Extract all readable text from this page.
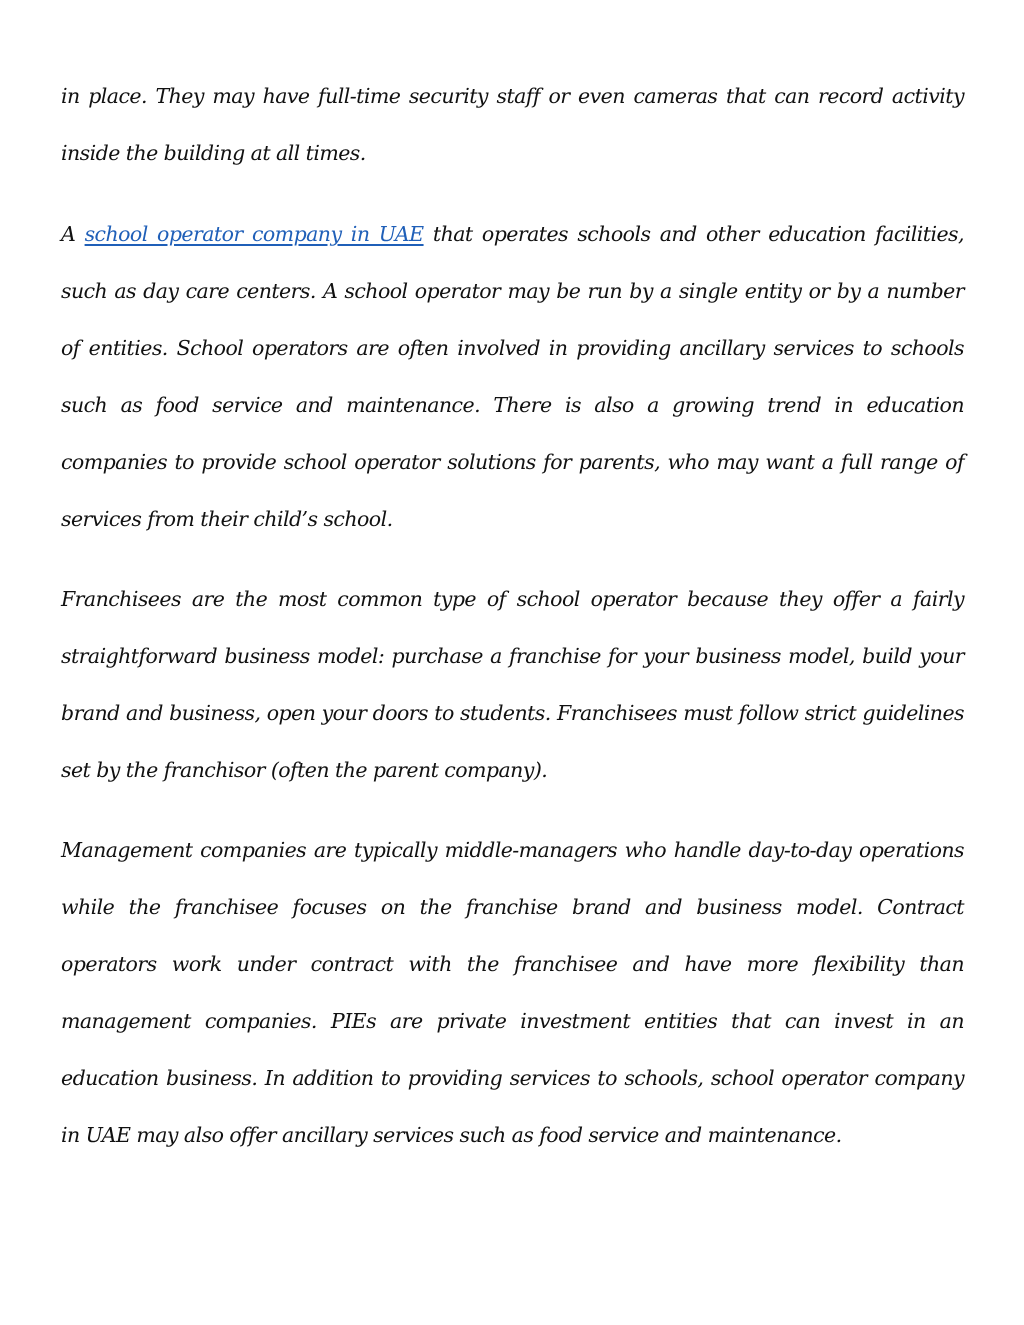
in place. They may have full-time security staff or even cameras that can record activity inside the building at all times.

A school operator company in UAE that operates schools and other education facilities, such as day care centers. A school operator may be run by a single entity or by a number of entities. School operators are often involved in providing ancillary services to schools such as food service and maintenance. There is also a growing trend in education companies to provide school operator solutions for parents, who may want a full range of services from their child’s school.

Franchisees are the most common type of school operator because they offer a fairly straightforward business model: purchase a franchise for your business model, build your brand and business, open your doors to students. Franchisees must follow strict guidelines set by the franchisor (often the parent company).

Management companies are typically middle-managers who handle day-to-day operations while the franchisee focuses on the franchise brand and business model. Contract operators work under contract with the franchisee and have more flexibility than management companies. PIEs are private investment entities that can invest in an education business. In addition to providing services to schools, school operator company in UAE may also offer ancillary services such as food service and maintenance.
